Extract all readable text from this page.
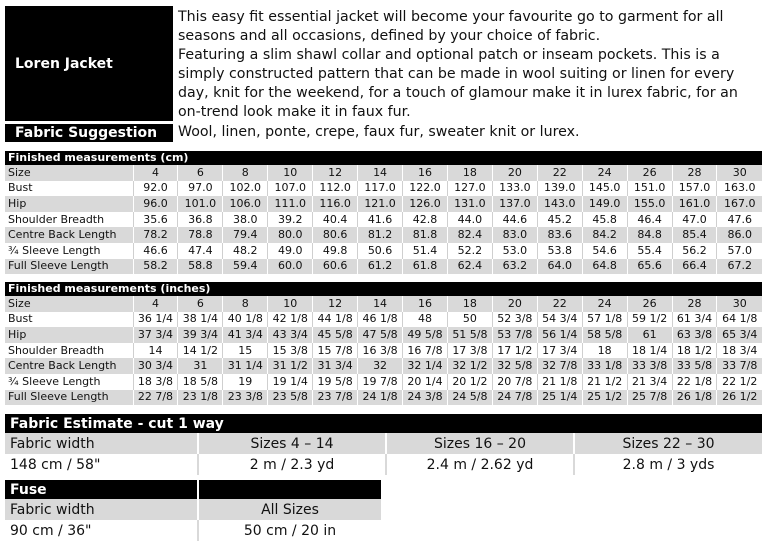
Loren Jacket

This easy fit essential jacket will become your favourite go to garment for all seasons and all occasions, defined by your choice of fabric.

Featuring a slim shawl collar and optional patch or inseam pockets. This is a simply constructed pattern that can be made in wool suiting or linen for every day, knit for the weekend, for a touch of glamour make it in lurex fabric, for an on-trend look make it in faux fur.

Fabric Suggestion	Wool, linen, ponte, crepe, faux fur, sweater knit or lurex.
Finished measurements (cm)														
Size	4	6	8	10	12	14	16	18	20	22	24	26	28	30
Bust	92.0	97.0	102.0	107.0	112.0	117.0	122.0	127.0	133.0	139.0	145.0	151.0	157.0	163.0
Hip	96.0	101.0	106.0	111.0	116.0	121.0	126.0	131.0	137.0	143.0	149.0	155.0	161.0	167.0
Shoulder Breadth	35.6	36.8	38.0	39.2	40.4	41.6	42.8	44.0	44.6	45.2	45.8	46.4	47.0	47.6
Centre Back Length	78.2	78.8	79.4	80.0	80.6	81.2	81.8	82.4	83.0	83.6	84.2	84.8	85.4	86.0
¾ Sleeve Length	46.6	47.4	48.2	49.0	49.8	50.6	51.4	52.2	53.0	53.8	54.6	55.4	56.2	57.0
Full Sleeve Length	58.2	58.8	59.4	60.0	60.6	61.2	61.8	62.4	63.2	64.0	64.8	65.6	66.4	67.2
Finished measurements (inches)														
Size	4	6	8	10	12	14	16	18	20	22	24	26	28	30
Bust	36 1/4	38 1/4	40 1/8	42 1/8	44 1/8	46 1/8	48	50	52 3/8	54 3/4	57 1/8	59 1/2	61 3/4	64 1/8
Hip	37 3/4	39 3/4	41 3/4	43 3/4	45 5/8	47 5/8	49 5/8	51 5/8	53 7/8	56 1/4	58 5/8	61	63 3/8	65 3/4
Shoulder Breadth	14	14 1/2	15	15 3/8	15 7/8	16 3/8	16 7/8	17 3/8	17 1/2	17 3/4	18	18 1/4	18 1/2	18 3/4
Centre Back Length	30 3/4	31	31 1/4	31 1/2	31 3/4	32	32 1/4	32 1/2	32 5/8	32 7/8	33 1/8	33 3/8	33 5/8	33 7/8
¾ Sleeve Length	18 3/8	18 5/8	19	19 1/4	19 5/8	19 7/8	20 1/4	20 1/2	20 7/8	21 1/8	21 1/2	21 3/4	22 1/8	22 1/2
Full Sleeve Length	22 7/8	23 1/8	23 3/8	23 5/8	23 7/8	24 1/8	24 3/8	24 5/8	24 7/8	25 1/4	25 1/2	25 7/8	26 1/8	26 1/2
Fabric Estimate - cut 1 way			
Fabric width	Sizes 4 – 14	Sizes 16 – 20	Sizes 22 – 30
148 cm / 58"	2 m / 2.3 yd	2.4 m / 2.62 yd	2.8 m / 3 yds
Fuse	
Fabric width	All Sizes
90 cm / 36"	50 cm / 20 in
